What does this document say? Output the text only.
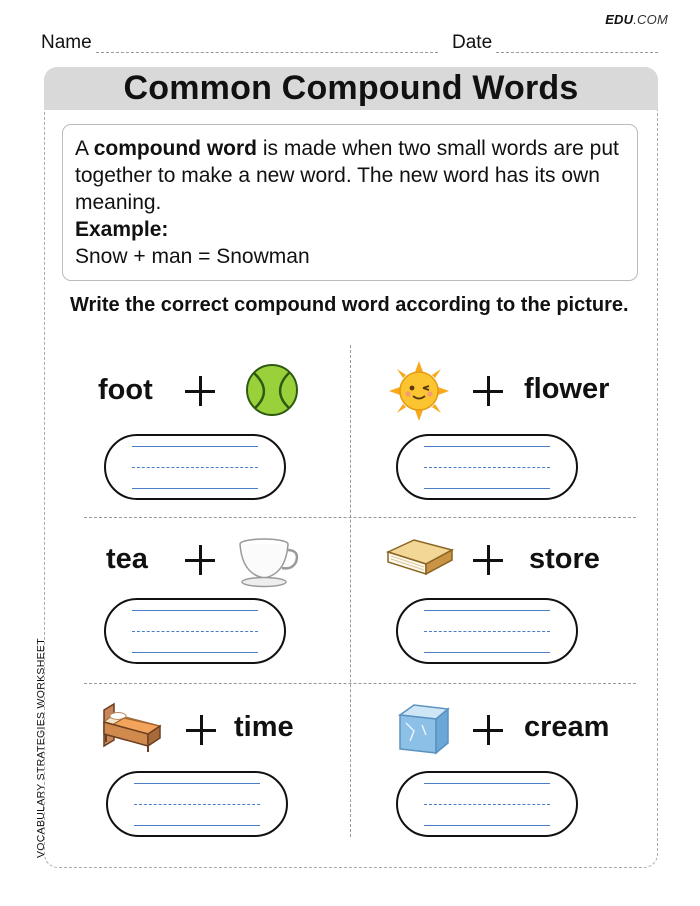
EDU.COM
Name	Date
Common Compound Words
A compound word is made when two small words are put together to make a new word. The new word has its own meaning.
Example:
Snow + man = Snowman
Write the correct compound word according to the picture.
foot	flower
tea	store
time	cream
VOCABULARY STRATEGIES WORKSHEET
